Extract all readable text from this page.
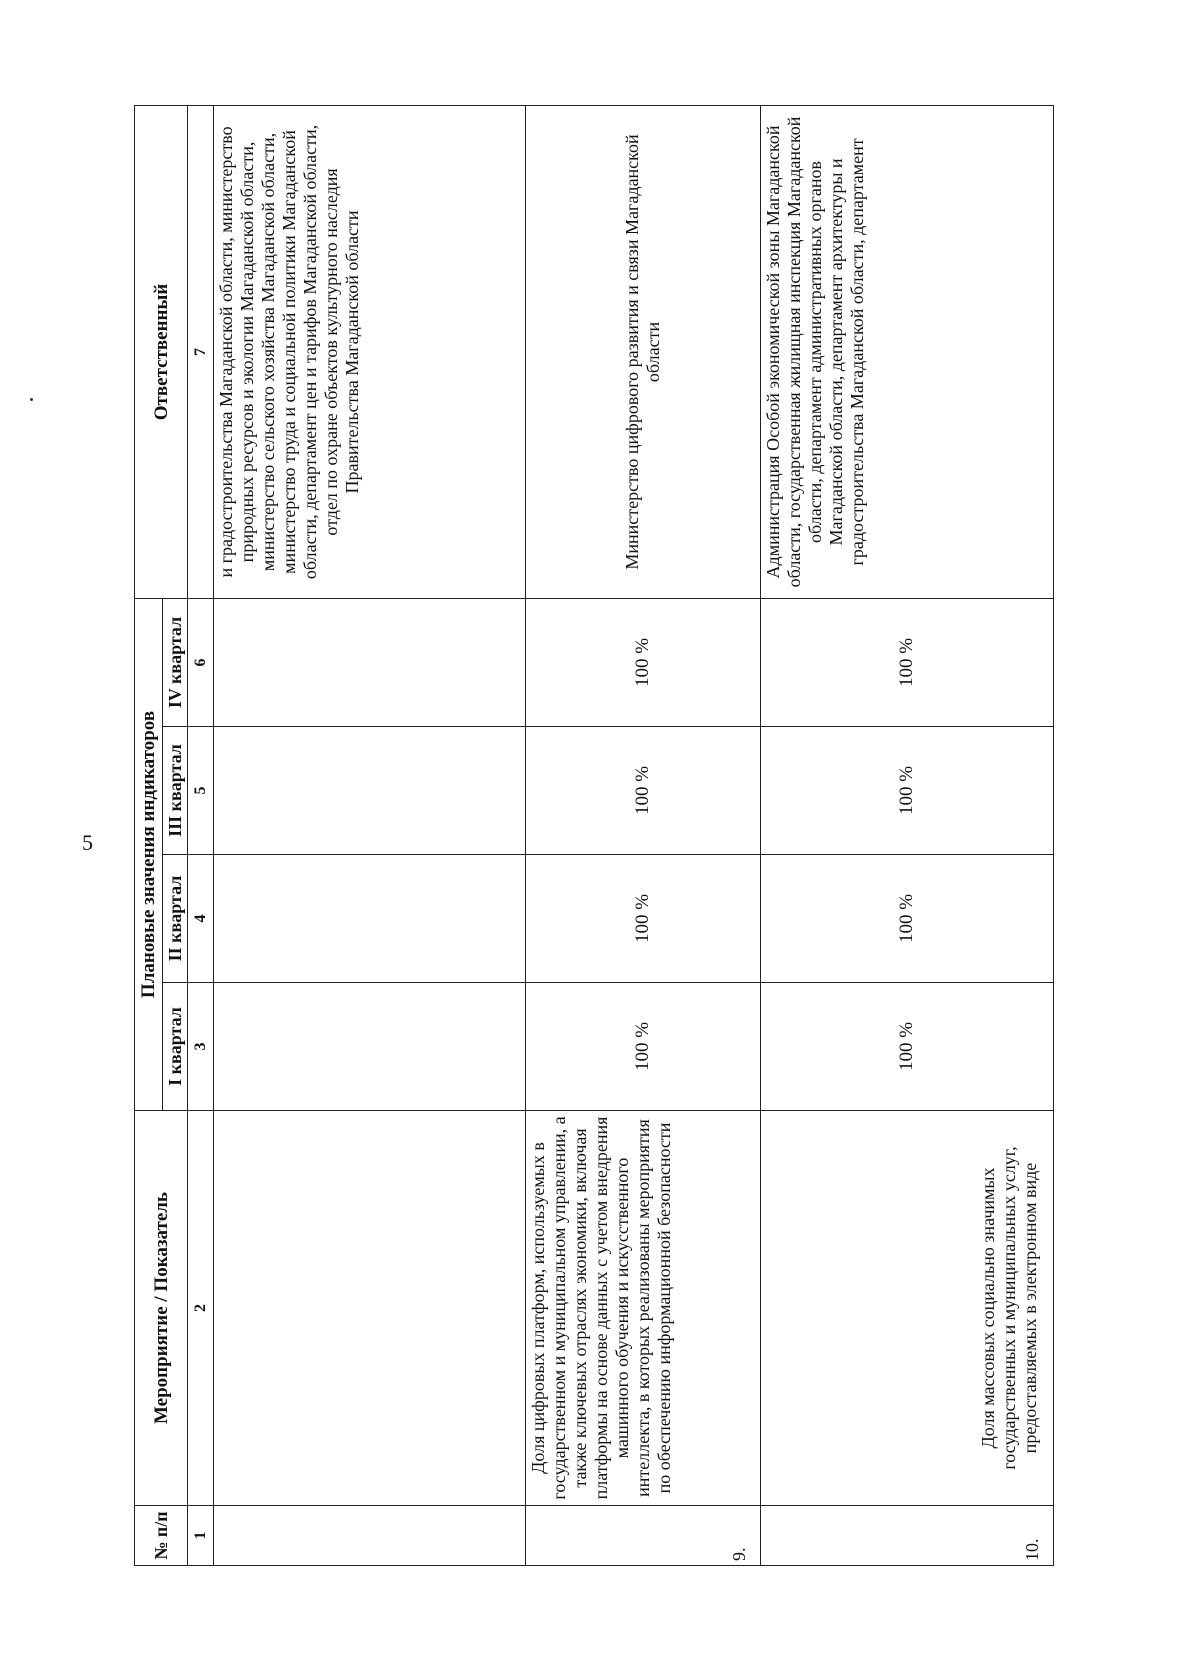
5
№ п/п	Мероприятие / Показатель	Плановые значения индикаторов				Ответственный
		I квартал	II квартал	III квартал	IV квартал	
1	2	3	4	5	6	7
						и градостроительства Магаданской области, министерство природных ресурсов и экологии Магаданской области, министерство сельского хозяйства Магаданской области, министерство труда и социальной политики Магаданской области, департамент цен и тарифов Магаданской области, отдел по охране объектов культурного наследия Правительства Магаданской области
9.	Доля цифровых платформ, используемых в государственном и муниципальном управлении, а также ключевых отраслях экономики, включая платформы на основе данных с учетом внедрения машинного обучения и искусственного интеллекта, в которых реализованы мероприятия по обеспечению информационной безопасности	100 %	100 %	100 %	100 %	Министерство цифрового развития и связи Магаданской области
10.	Доля массовых социально значимых государственных и муниципальных услуг, предоставляемых в электронном виде	100 %	100 %	100 %	100 %	Администрация Особой экономической зоны Магаданской области, государственная жилищная инспекция Магаданской области, департамент административных органов Магаданской области, департамент архитектуры и градостроительства Магаданской области, департамент
